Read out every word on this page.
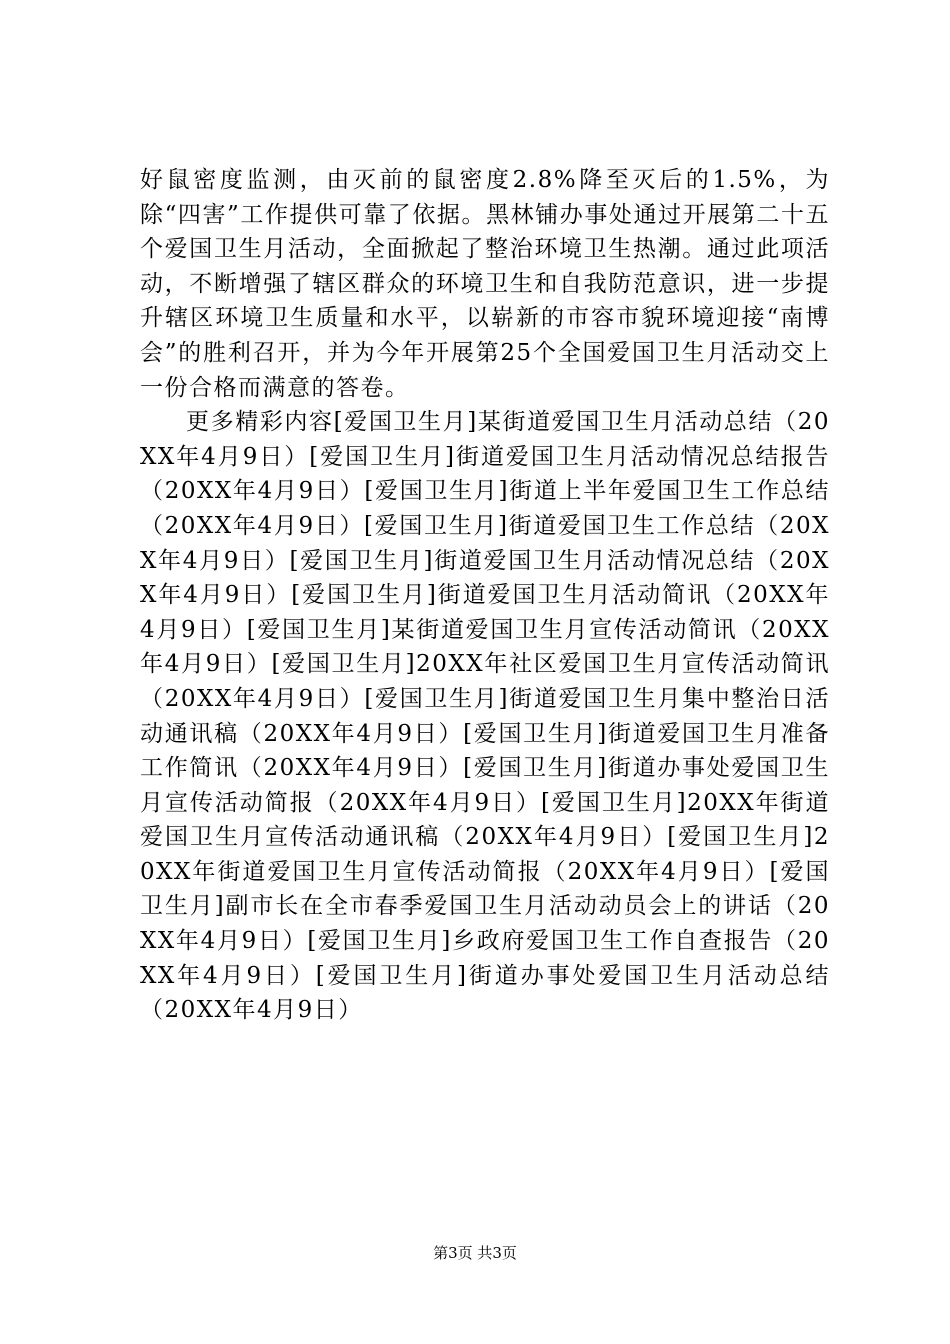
好鼠密度监测，由灭前的鼠密度2.8%降至灭后的1.5%，为除“四害”工作提供可靠了依据。黑林铺办事处通过开展第二十五个爱国卫生月活动，全面掀起了整治环境卫生热潮。通过此项活动，不断增强了辖区群众的环境卫生和自我防范意识，进一步提升辖区环境卫生质量和水平，以崭新的市容市貌环境迎接“南博会”的胜利召开，并为今年开展第25个全国爱国卫生月活动交上一份合格而满意的答卷。

更多精彩内容[爱国卫生月]某街道爱国卫生月活动总结（20XX年4月9日）[爱国卫生月]街道爱国卫生月活动情况总结报告（20XX年4月9日）[爱国卫生月]街道上半年爱国卫生工作总结（20XX年4月9日）[爱国卫生月]街道爱国卫生工作总结（20XX年4月9日）[爱国卫生月]街道爱国卫生月活动情况总结（20XX年4月9日）[爱国卫生月]街道爱国卫生月活动简讯（20XX年4月9日）[爱国卫生月]某街道爱国卫生月宣传活动简讯（20XX年4月9日）[爱国卫生月]20XX年社区爱国卫生月宣传活动简讯（20XX年4月9日）[爱国卫生月]街道爱国卫生月集中整治日活动通讯稿（20XX年4月9日）[爱国卫生月]街道爱国卫生月准备工作简讯（20XX年4月9日）[爱国卫生月]街道办事处爱国卫生月宣传活动简报（20XX年4月9日）[爱国卫生月]20XX年街道爱国卫生月宣传活动通讯稿（20XX年4月9日）[爱国卫生月]20XX年街道爱国卫生月宣传活动简报（20XX年4月9日）[爱国卫生月]副市长在全市春季爱国卫生月活动动员会上的讲话（20XX年4月9日）[爱国卫生月]乡政府爱国卫生工作自查报告（20XX年4月9日）[爱国卫生月]街道办事处爱国卫生月活动总结（20XX年4月9日）

第3页 共3页
